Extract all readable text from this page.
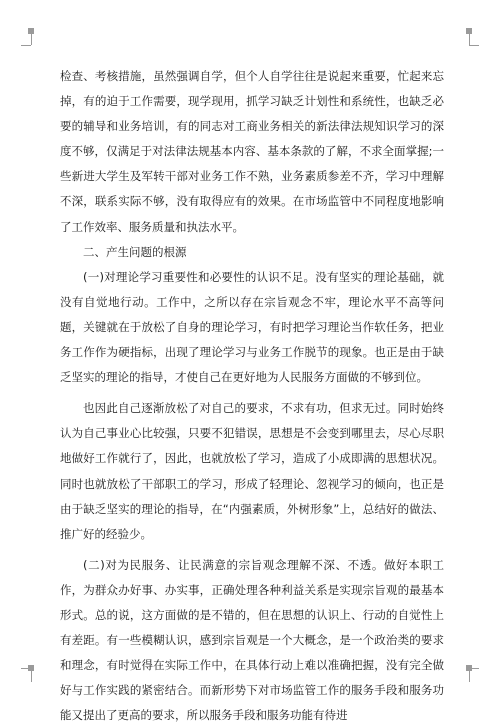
检查、考核措施，虽然强调自学，但个人自学往往是说起来重要，忙起来忘掉，有的迫于工作需要，现学现用，抓学习缺乏计划性和系统性，也缺乏必要的辅导和业务培训，有的同志对工商业务相关的新法律法规知识学习的深度不够，仅满足于对法律法规基本内容、基本条款的了解，不求全面掌握;一些新进大学生及军转干部对业务工作不熟，业务素质参差不齐，学习中理解不深，联系实际不够，没有取得应有的效果。在市场监管中不同程度地影响了工作效率、服务质量和执法水平。

二、产生问题的根源

(一)对理论学习重要性和必要性的认识不足。没有坚实的理论基础，就没有自觉地行动。工作中，之所以存在宗旨观念不牢，理论水平不高等问题，关键就在于放松了自身的理论学习，有时把学习理论当作软任务，把业务工作作为硬指标，出现了理论学习与业务工作脱节的现象。也正是由于缺乏坚实的理论的指导，才使自己在更好地为人民服务方面做的不够到位。

也因此自己逐渐放松了对自己的要求，不求有功，但求无过。同时始终认为自己事业心比较强，只要不犯错误，思想是不会变到哪里去，尽心尽职地做好工作就行了，因此，也就放松了学习，造成了小成即满的思想状况。同时也就放松了干部职工的学习，形成了轻理论、忽视学习的倾向，也正是由于缺乏坚实的理论的指导，在“内强素质，外树形象”上，总结好的做法、推广好的经验少。

(二)对为民服务、让民满意的宗旨观念理解不深、不透。做好本职工作，为群众办好事、办实事，正确处理各种利益关系是实现宗旨观的最基本形式。总的说，这方面做的是不错的，但在思想的认识上、行动的自觉性上有差距。有一些模糊认识，感到宗旨观是一个大概念，是一个政治类的要求和理念，有时觉得在实际工作中，在具体行动上难以准确把握，没有完全做好与工作实践的紧密结合。而新形势下对市场监管工作的服务手段和服务功能又提出了更高的要求，所以服务手段和服务功能有待进
